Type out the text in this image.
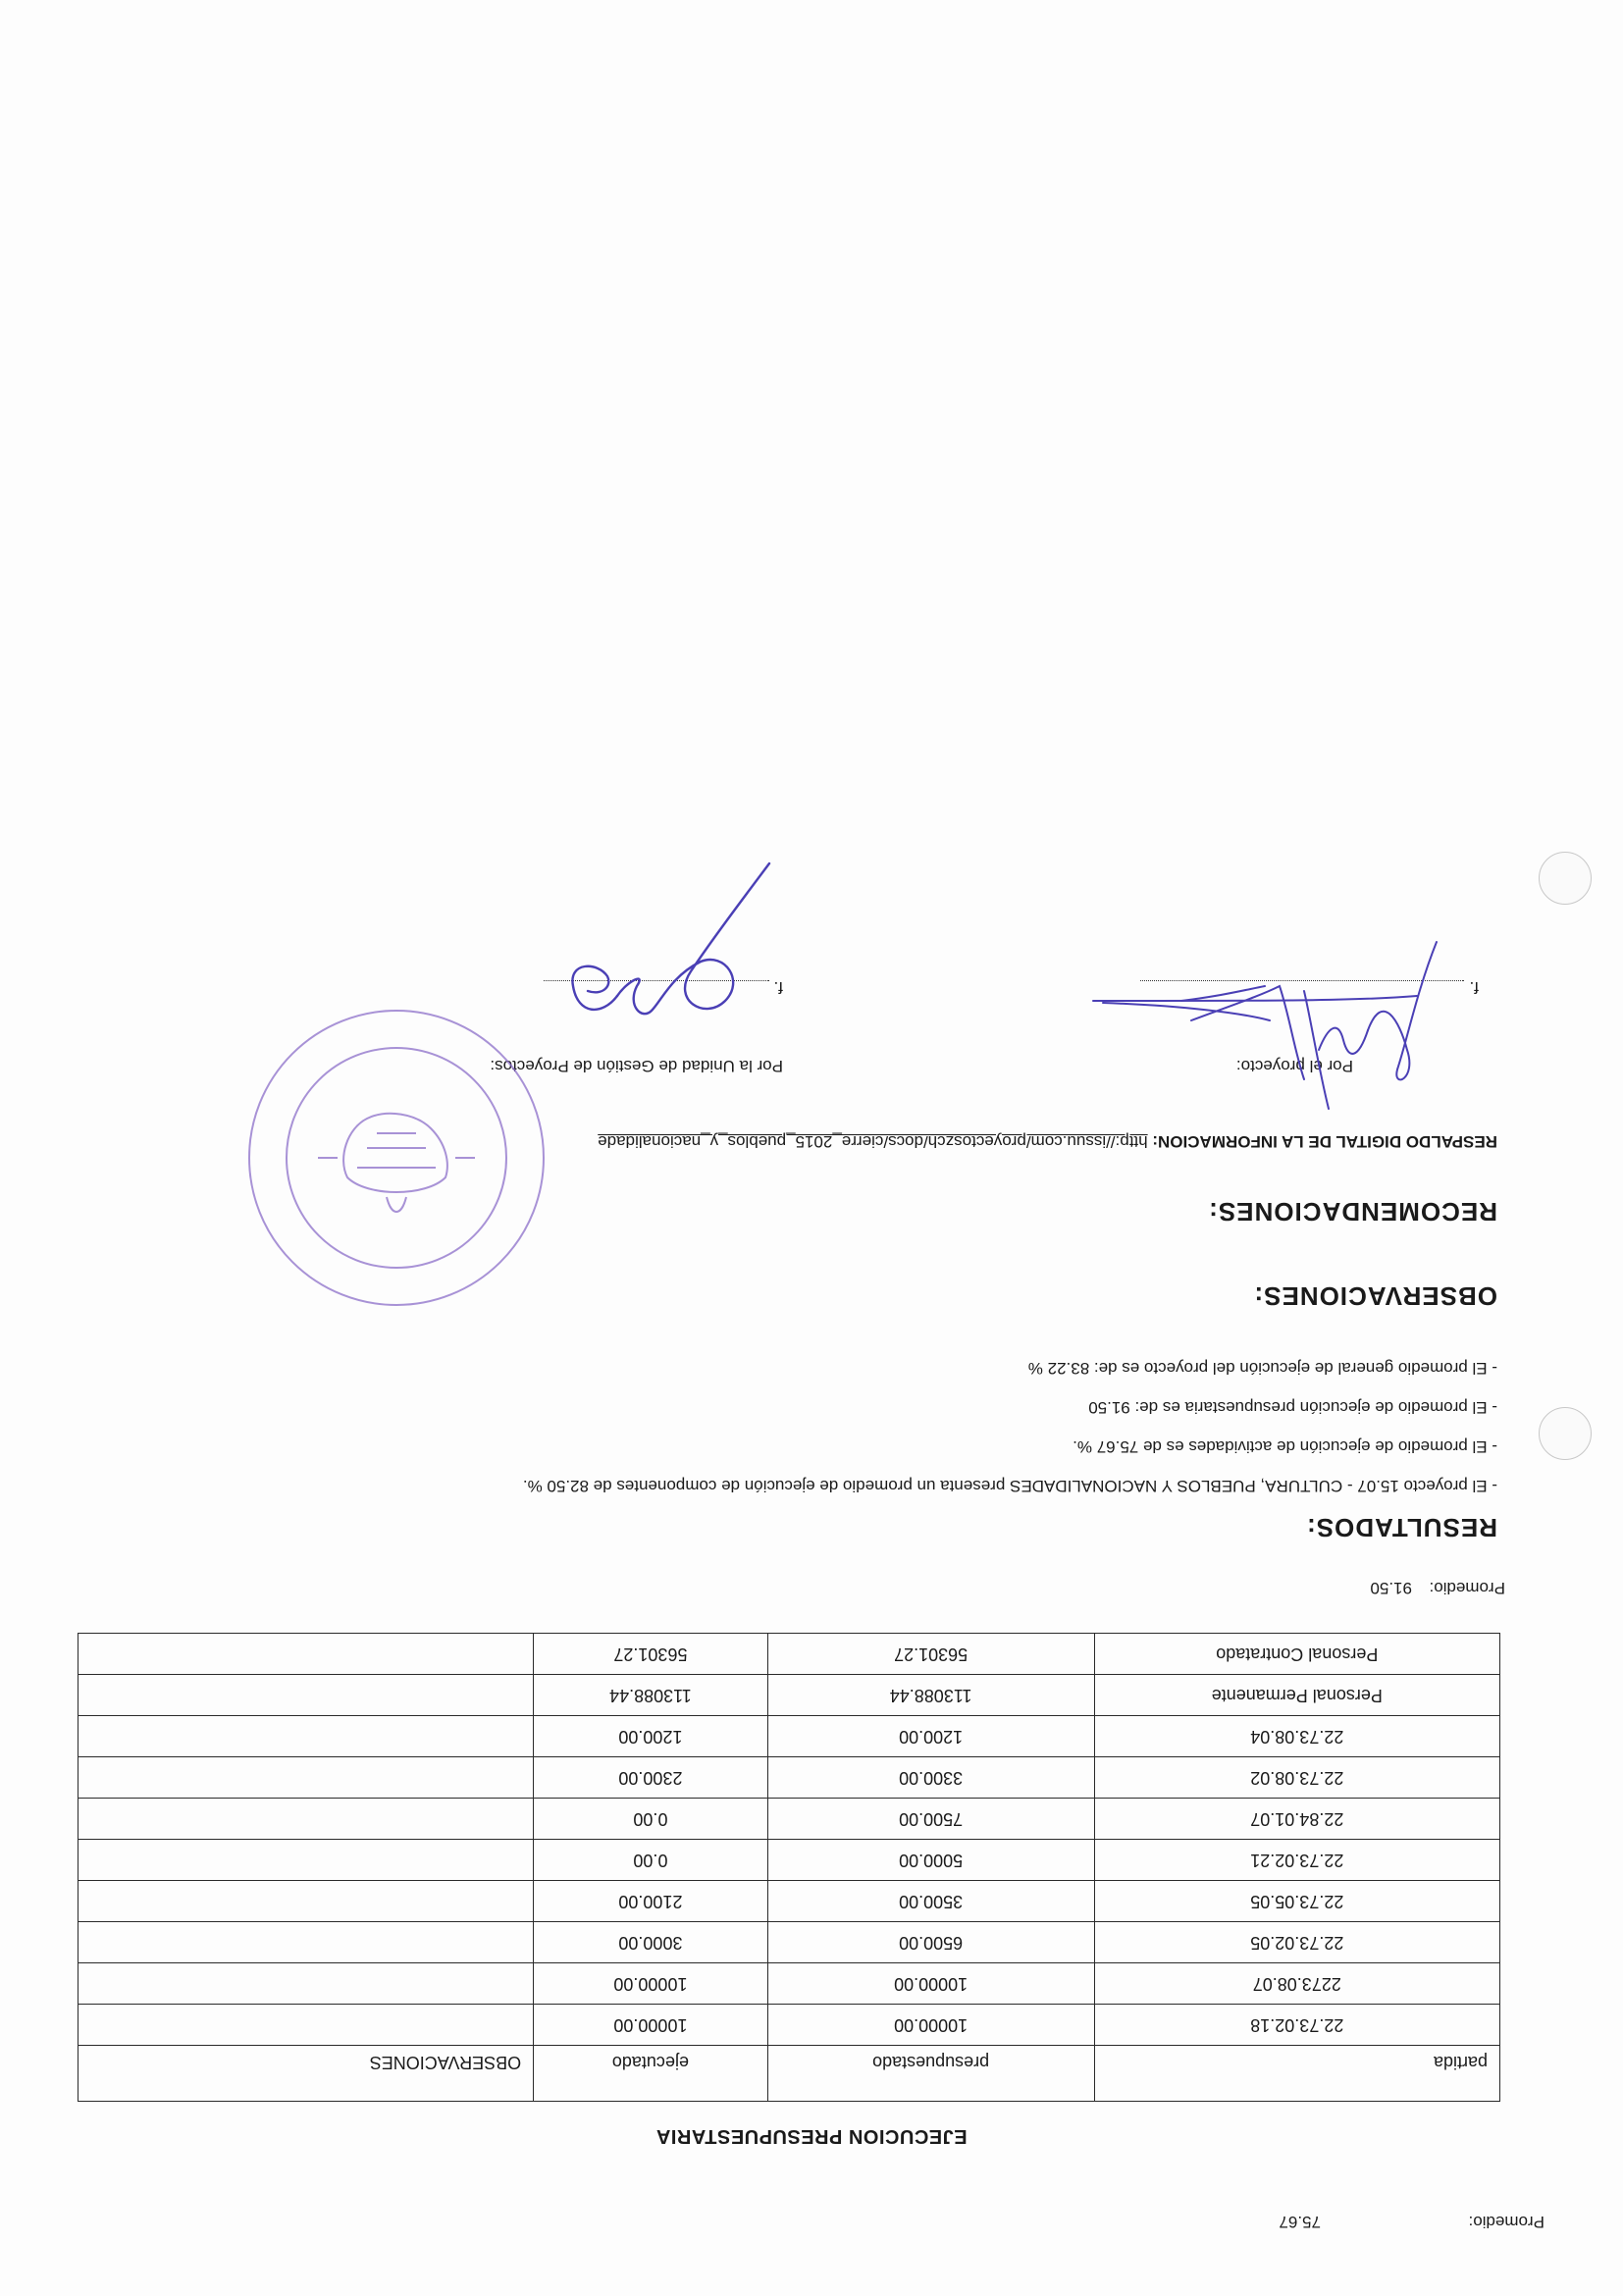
Promedio:
75.67
EJECUCION PRESUPUESTARIA
partida	presupuestado	ejecutado	OBSERVACIONES
22.73.02.18	10000.00	10000.00	
2273.08.07	10000.00	10000.00	
22.73.02.05	6500.00	3000.00	
22.73.05.05	3500.00	2100.00	
22.73.02.21	5000.00	0.00	
22.84.01.07	7500.00	0.00	
22.73.08.02	3300.00	2300.00	
22.73.08.04	1200.00	1200.00	
Personal Permanente	113088.44	113088.44	
Personal Contratado	56301.27	56301.27	
Promedio:
91.50
RESULTADOS:
- El proyecto 15.07 - CULTURA, PUEBLOS Y NACIONALIDADES presenta un promedio de ejecución de componentes de 82.50 %.
- El promedio de ejecución de actividades es de 75.67 %.
- El promedio de ejecución presupuestaria es de: 91.50
- El promedio general de ejecución del proyecto es de: 83.22 %
OBSERVACIONES:
RECOMENDACIONES:
RESPALDO DIGITAL DE LA INFORMACION: http://issuu.com/proyectoszch/docs/cierre_2015_pueblos_y_nacionalidade
Por el proyecto:
Por la Unidad de Gestión de Proyectos:
f.
f.
